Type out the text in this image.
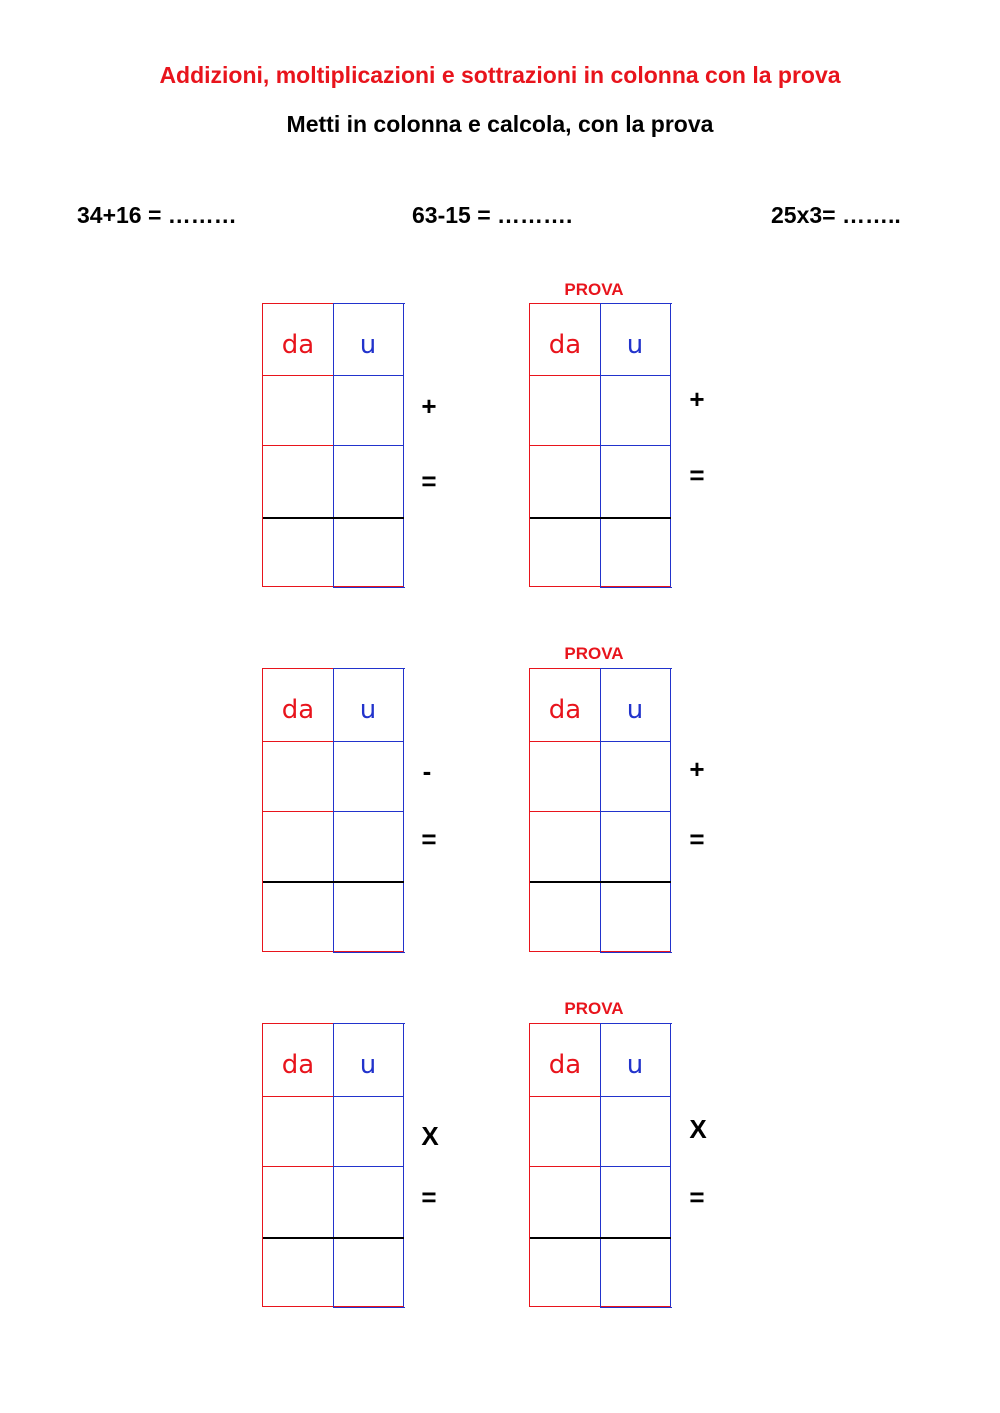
Addizioni, moltiplicazioni e sottrazioni in colonna con la prova
Metti in colonna e calcola, con la prova
34+16 = ………	63-15 = ……….	25x3= ……..
da	u
+
=
PROVA
da	u
+
=
da	u
-
=
PROVA
da	u
+
=
da	u
X
=
PROVA
da	u
X
=
